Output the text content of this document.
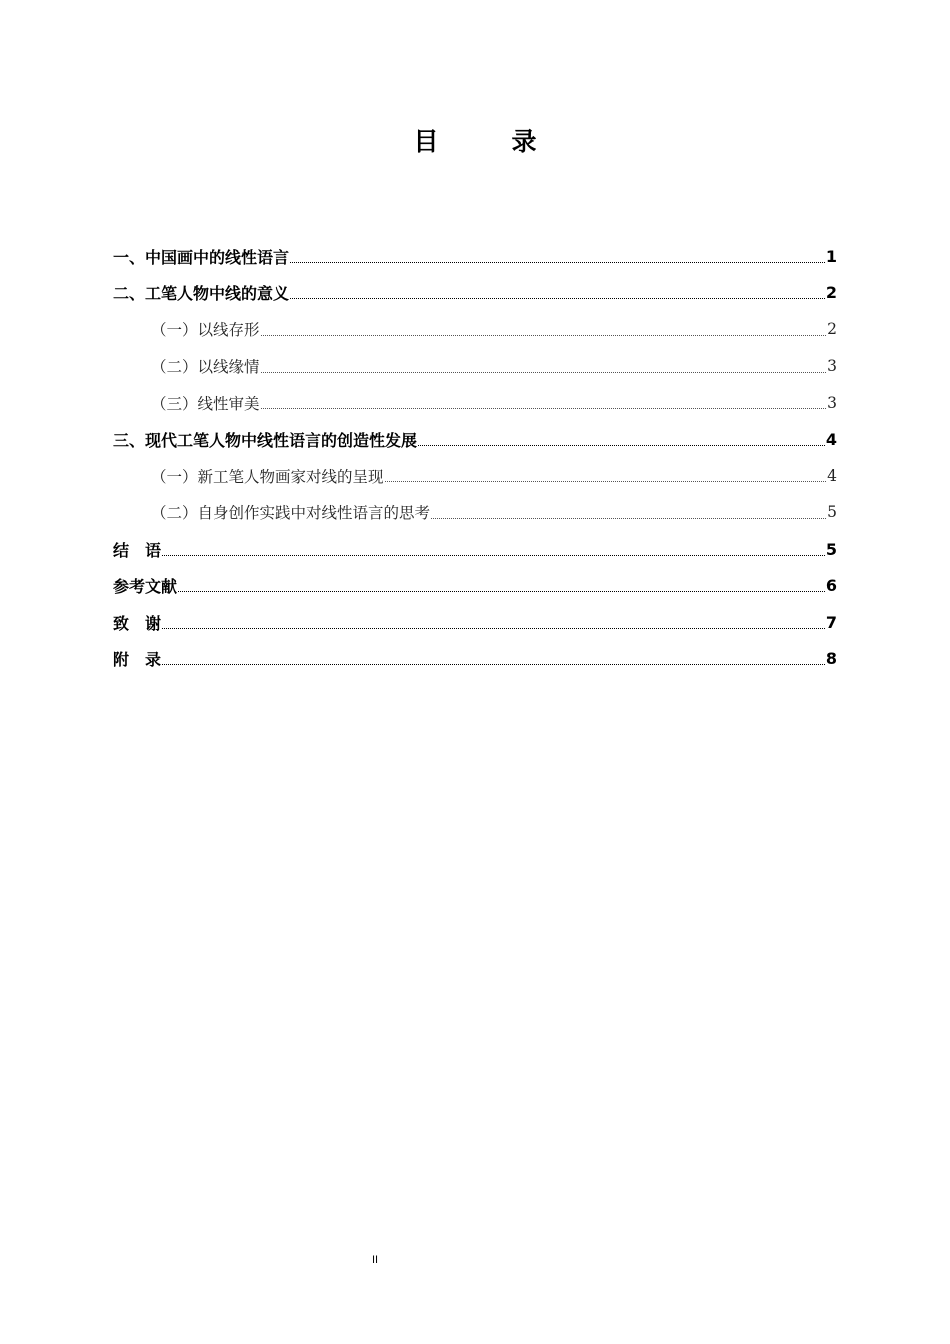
目　录
一、中国画中的线性语言	1
二、工笔人物中线的意义	2
（一）以线存形	2
（二）以线缘情	3
（三）线性审美	3
三、现代工笔人物中线性语言的创造性发展	4
（一）新工笔人物画家对线的呈现	4
（二）自身创作实践中对线性语言的思考	5
结　语	5
参考文献	6
致　谢	7
附　录	8
II
